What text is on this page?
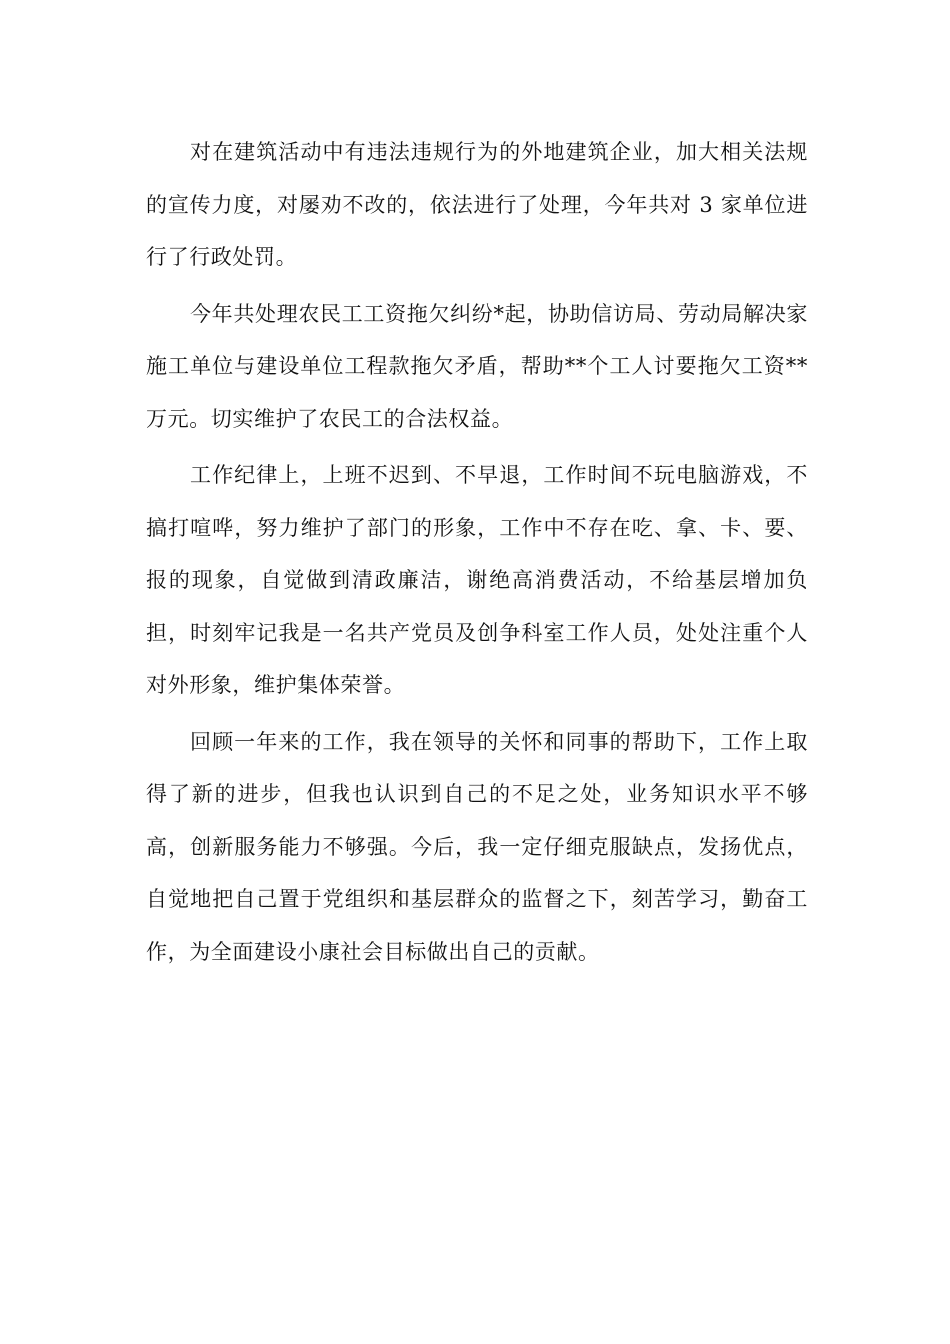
对在建筑活动中有违法违规行为的外地建筑企业，加大相关法规的宣传力度，对屡劝不改的，依法进行了处理，今年共对 3 家单位进行了行政处罚。

今年共处理农民工工资拖欠纠纷*起，协助信访局、劳动局解决家施工单位与建设单位工程款拖欠矛盾，帮助**个工人讨要拖欠工资**万元。切实维护了农民工的合法权益。

工作纪律上，上班不迟到、不早退，工作时间不玩电脑游戏，不搞打喧哗，努力维护了部门的形象，工作中不存在吃、拿、卡、要、报的现象，自觉做到清政廉洁，谢绝高消费活动，不给基层增加负担，时刻牢记我是一名共产党员及创争科室工作人员，处处注重个人对外形象，维护集体荣誉。

回顾一年来的工作，我在领导的关怀和同事的帮助下，工作上取得了新的进步，但我也认识到自己的不足之处，业务知识水平不够高，创新服务能力不够强。今后，我一定仔细克服缺点，发扬优点，自觉地把自己置于党组织和基层群众的监督之下，刻苦学习，勤奋工作，为全面建设小康社会目标做出自己的贡献。
